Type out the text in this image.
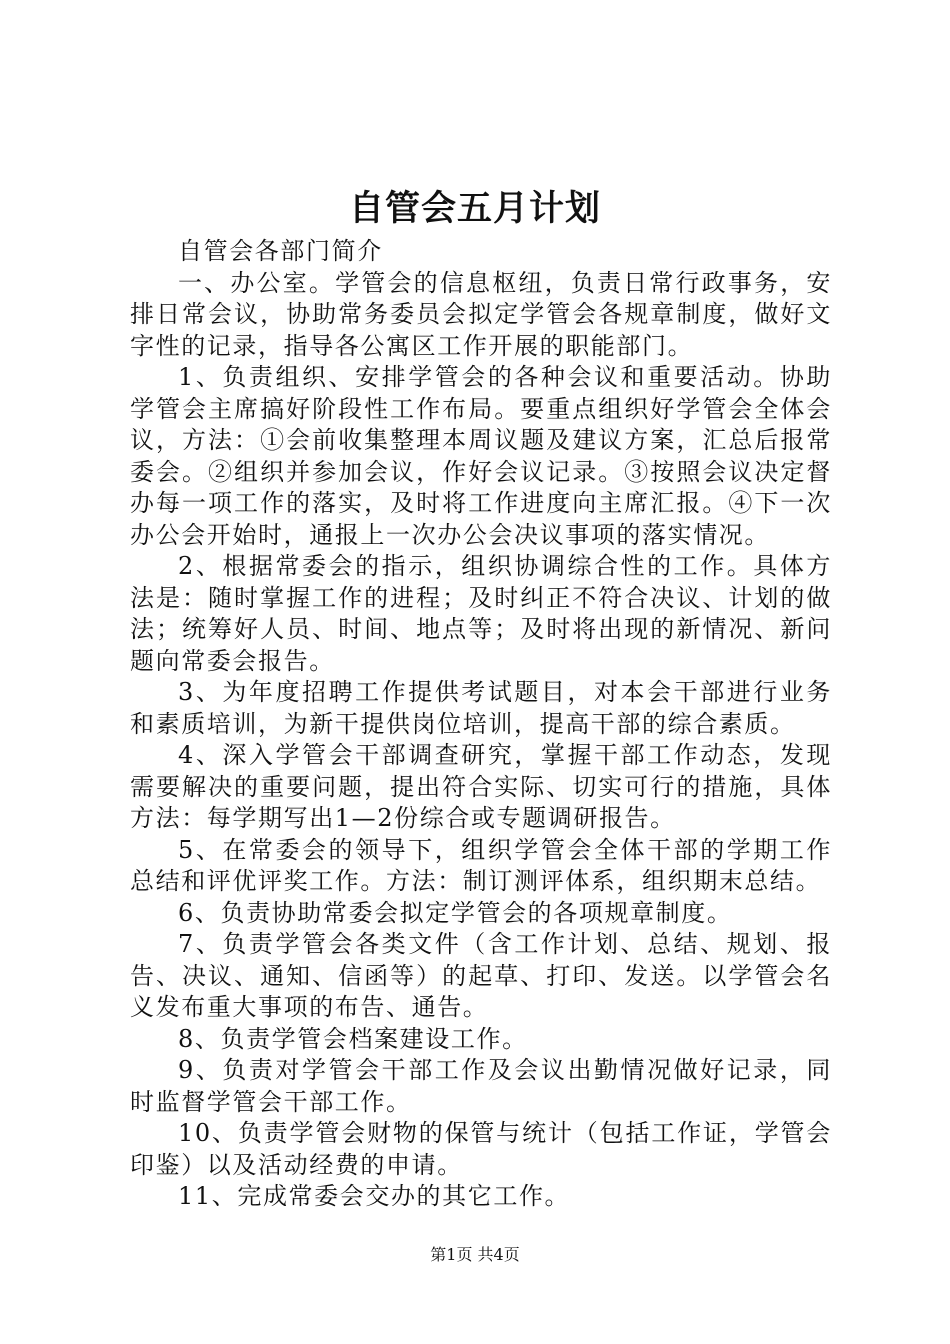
自管会五月计划

自管会各部门简介

一、办公室。学管会的信息枢纽，负责日常行政事务，安排日常会议，协助常务委员会拟定学管会各规章制度，做好文字性的记录，指导各公寓区工作开展的职能部门。

1、负责组织、安排学管会的各种会议和重要活动。协助学管会主席搞好阶段性工作布局。要重点组织好学管会全体会议，方法：①会前收集整理本周议题及建议方案，汇总后报常委会。②组织并参加会议，作好会议记录。③按照会议决定督办每一项工作的落实，及时将工作进度向主席汇报。④下一次办公会开始时，通报上一次办公会决议事项的落实情况。

2、根据常委会的指示，组织协调综合性的工作。具体方法是：随时掌握工作的进程；及时纠正不符合决议、计划的做法；统筹好人员、时间、地点等；及时将出现的新情况、新问题向常委会报告。

3、为年度招聘工作提供考试题目，对本会干部进行业务和素质培训，为新干提供岗位培训，提高干部的综合素质。

4、深入学管会干部调查研究，掌握干部工作动态，发现需要解决的重要问题，提出符合实际、切实可行的措施，具体方法：每学期写出1—2份综合或专题调研报告。

5、在常委会的领导下，组织学管会全体干部的学期工作总结和评优评奖工作。方法：制订测评体系，组织期末总结。

6、负责协助常委会拟定学管会的各项规章制度。

7、负责学管会各类文件（含工作计划、总结、规划、报告、决议、通知、信函等）的起草、打印、发送。以学管会名义发布重大事项的布告、通告。

8、负责学管会档案建设工作。

9、负责对学管会干部工作及会议出勤情况做好记录，同时监督学管会干部工作。

10、负责学管会财物的保管与统计（包括工作证，学管会印鉴）以及活动经费的申请。

11、完成常委会交办的其它工作。

第1页 共4页
